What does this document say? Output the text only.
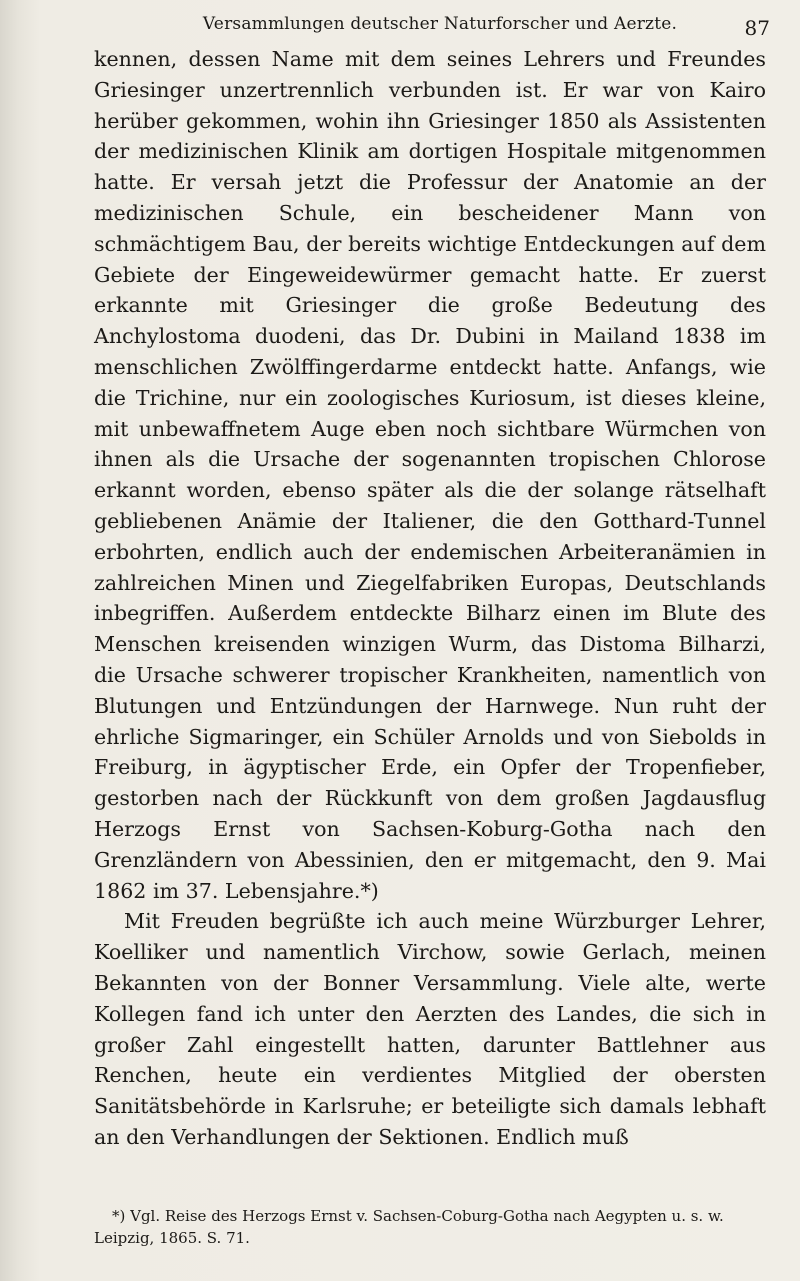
Versammlungen deutscher Naturforscher und Aerzte.	87

kennen, dessen Name mit dem seines Lehrers und Freundes Griesinger unzertrennlich verbunden ist. Er war von Kairo herüber gekommen, wohin ihn Griesinger 1850 als Assistenten der medizinischen Klinik am dortigen Hospitale mitgenommen hatte. Er versah jetzt die Professur der Anatomie an der medizinischen Schule, ein bescheidener Mann von schmächtigem Bau, der bereits wichtige Entdeckungen auf dem Gebiete der Eingeweidewürmer gemacht hatte. Er zuerst erkannte mit Griesinger die große Bedeutung des Anchylostoma duodeni, das Dr. Dubini in Mailand 1838 im menschlichen Zwölffingerdarme entdeckt hatte. Anfangs, wie die Trichine, nur ein zoologisches Kuriosum, ist dieses kleine, mit unbewaffnetem Auge eben noch sichtbare Würmchen von ihnen als die Ursache der sogenannten tropischen Chlorose erkannt worden, ebenso später als die der solange rätselhaft gebliebenen Anämie der Italiener, die den Gotthard-Tunnel erbohrten, endlich auch der endemischen Arbeiteranämien in zahlreichen Minen und Ziegelfabriken Europas, Deutschlands inbegriffen. Außerdem entdeckte Bilharz einen im Blute des Menschen kreisenden winzigen Wurm, das Distoma Bilharzi, die Ursache schwerer tropischer Krankheiten, namentlich von Blutungen und Entzündungen der Harnwege. Nun ruht der ehrliche Sigmaringer, ein Schüler Arnolds und von Siebolds in Freiburg, in ägyptischer Erde, ein Opfer der Tropenfieber, gestorben nach der Rückkunft von dem großen Jagdausflug Herzogs Ernst von Sachsen-Koburg-Gotha nach den Grenzländern von Abessinien, den er mitgemacht, den 9. Mai 1862 im 37. Lebensjahre.*)

Mit Freuden begrüßte ich auch meine Würzburger Lehrer, Koelliker und namentlich Virchow, sowie Gerlach, meinen Bekannten von der Bonner Versammlung. Viele alte, werte Kollegen fand ich unter den Aerzten des Landes, die sich in großer Zahl eingestellt hatten, darunter Battlehner aus Renchen, heute ein verdientes Mitglied der obersten Sanitätsbehörde in Karlsruhe; er beteiligte sich damals lebhaft an den Verhandlungen der Sektionen. Endlich muß

*) Vgl. Reise des Herzogs Ernst v. Sachsen-Coburg-Gotha nach Aegypten u. s. w. Leipzig, 1865. S. 71.
